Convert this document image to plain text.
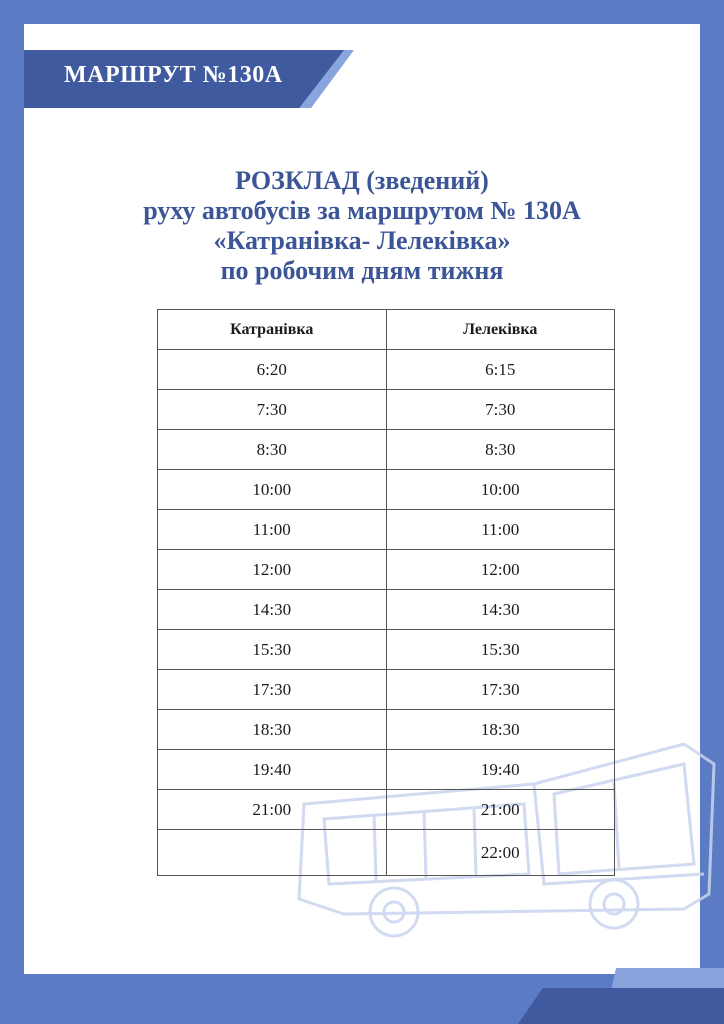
МАРШРУТ №130А
РОЗКЛАД (зведений)
руху автобусів за маршрутом № 130А
«Катранівка- Лелеківка»
по робочим дням тижня
Катранівка	Лелеківка
6:20	6:15
7:30	7:30
8:30	8:30
10:00	10:00
11:00	11:00
12:00	12:00
14:30	14:30
15:30	15:30
17:30	17:30
18:30	18:30
19:40	19:40
21:00	21:00
	22:00
